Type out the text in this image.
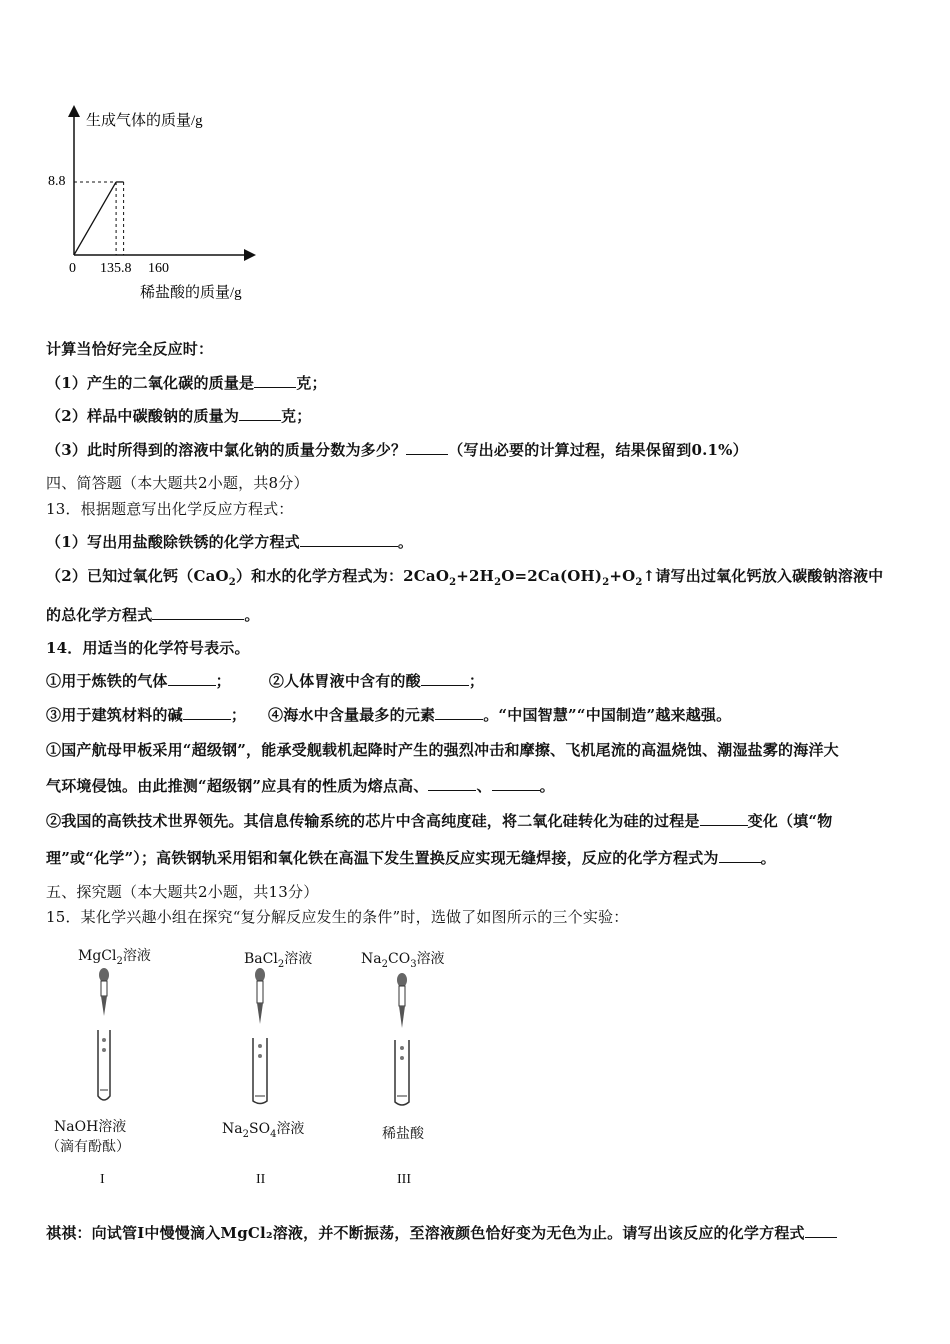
生成气体的质量/g
稀盐酸的质量/g
8.8
0 135.8 160
计算当恰好完全反应时：
（1）产生的二氧化碳的质量是	克；
（2）样品中碳酸钠的质量为	克；
（3）此时所得到的溶液中氯化钠的质量分数为多少？	（写出必要的计算过程，结果保留到0.1%）
四、简答题（本大题共2小题，共8分）
13．根据题意写出化学反应方程式：
（1）写出用盐酸除铁锈的化学方程式	。
（2）已知过氧化钙（CaO$_2$）和水的化学方程式为：$2CaO_2+2H_2O=2Ca(OH)_2+O_2↑$请写出过氧化钙放入碳酸钠溶液中
的总化学方程式	。
14．用适当的化学符号表示。
①用于炼铁的气体	；	②人体胃液中含有的酸	；
③用于建筑材料的碱	； ④海水中含量最多的元素	。“中国智慧”“中国制造”越来越强。
①国产航母甲板采用“超级钢”，能承受舰载机起降时产生的强烈冲击和摩擦、飞机尾流的高温烧蚀、潮湿盐雾的海洋大
气环境侵蚀。由此推测“超级钢”应具有的性质为熔点高、	、	。
②我国的高铁技术世界领先。其信息传输系统的芯片中含高纯度硅，将二氧化硅转化为硅的过程是	变化（填“物
理”或“化学”）；高铁钢轨采用铝和氧化铁在高温下发生置换反应实现无缝焊接，反应的化学方程式为	。
五、探究题（本大题共2小题，共13分）
15．某化学兴趣小组在探究“复分解反应发生的条件”时，选做了如图所示的三个实验：
MgCl$_2$溶液	BaCl$_2$溶液	$Na_2CO_3$溶液
NaOH溶液
（滴有酚酞）
$Na_2SO_4$溶液	稀盐酸
I	II	III
祺祺：向试管Ⅰ中慢慢滴入MgCl₂溶液，并不断振荡，至溶液颜色恰好变为无色为止。请写出该反应的化学方程式
